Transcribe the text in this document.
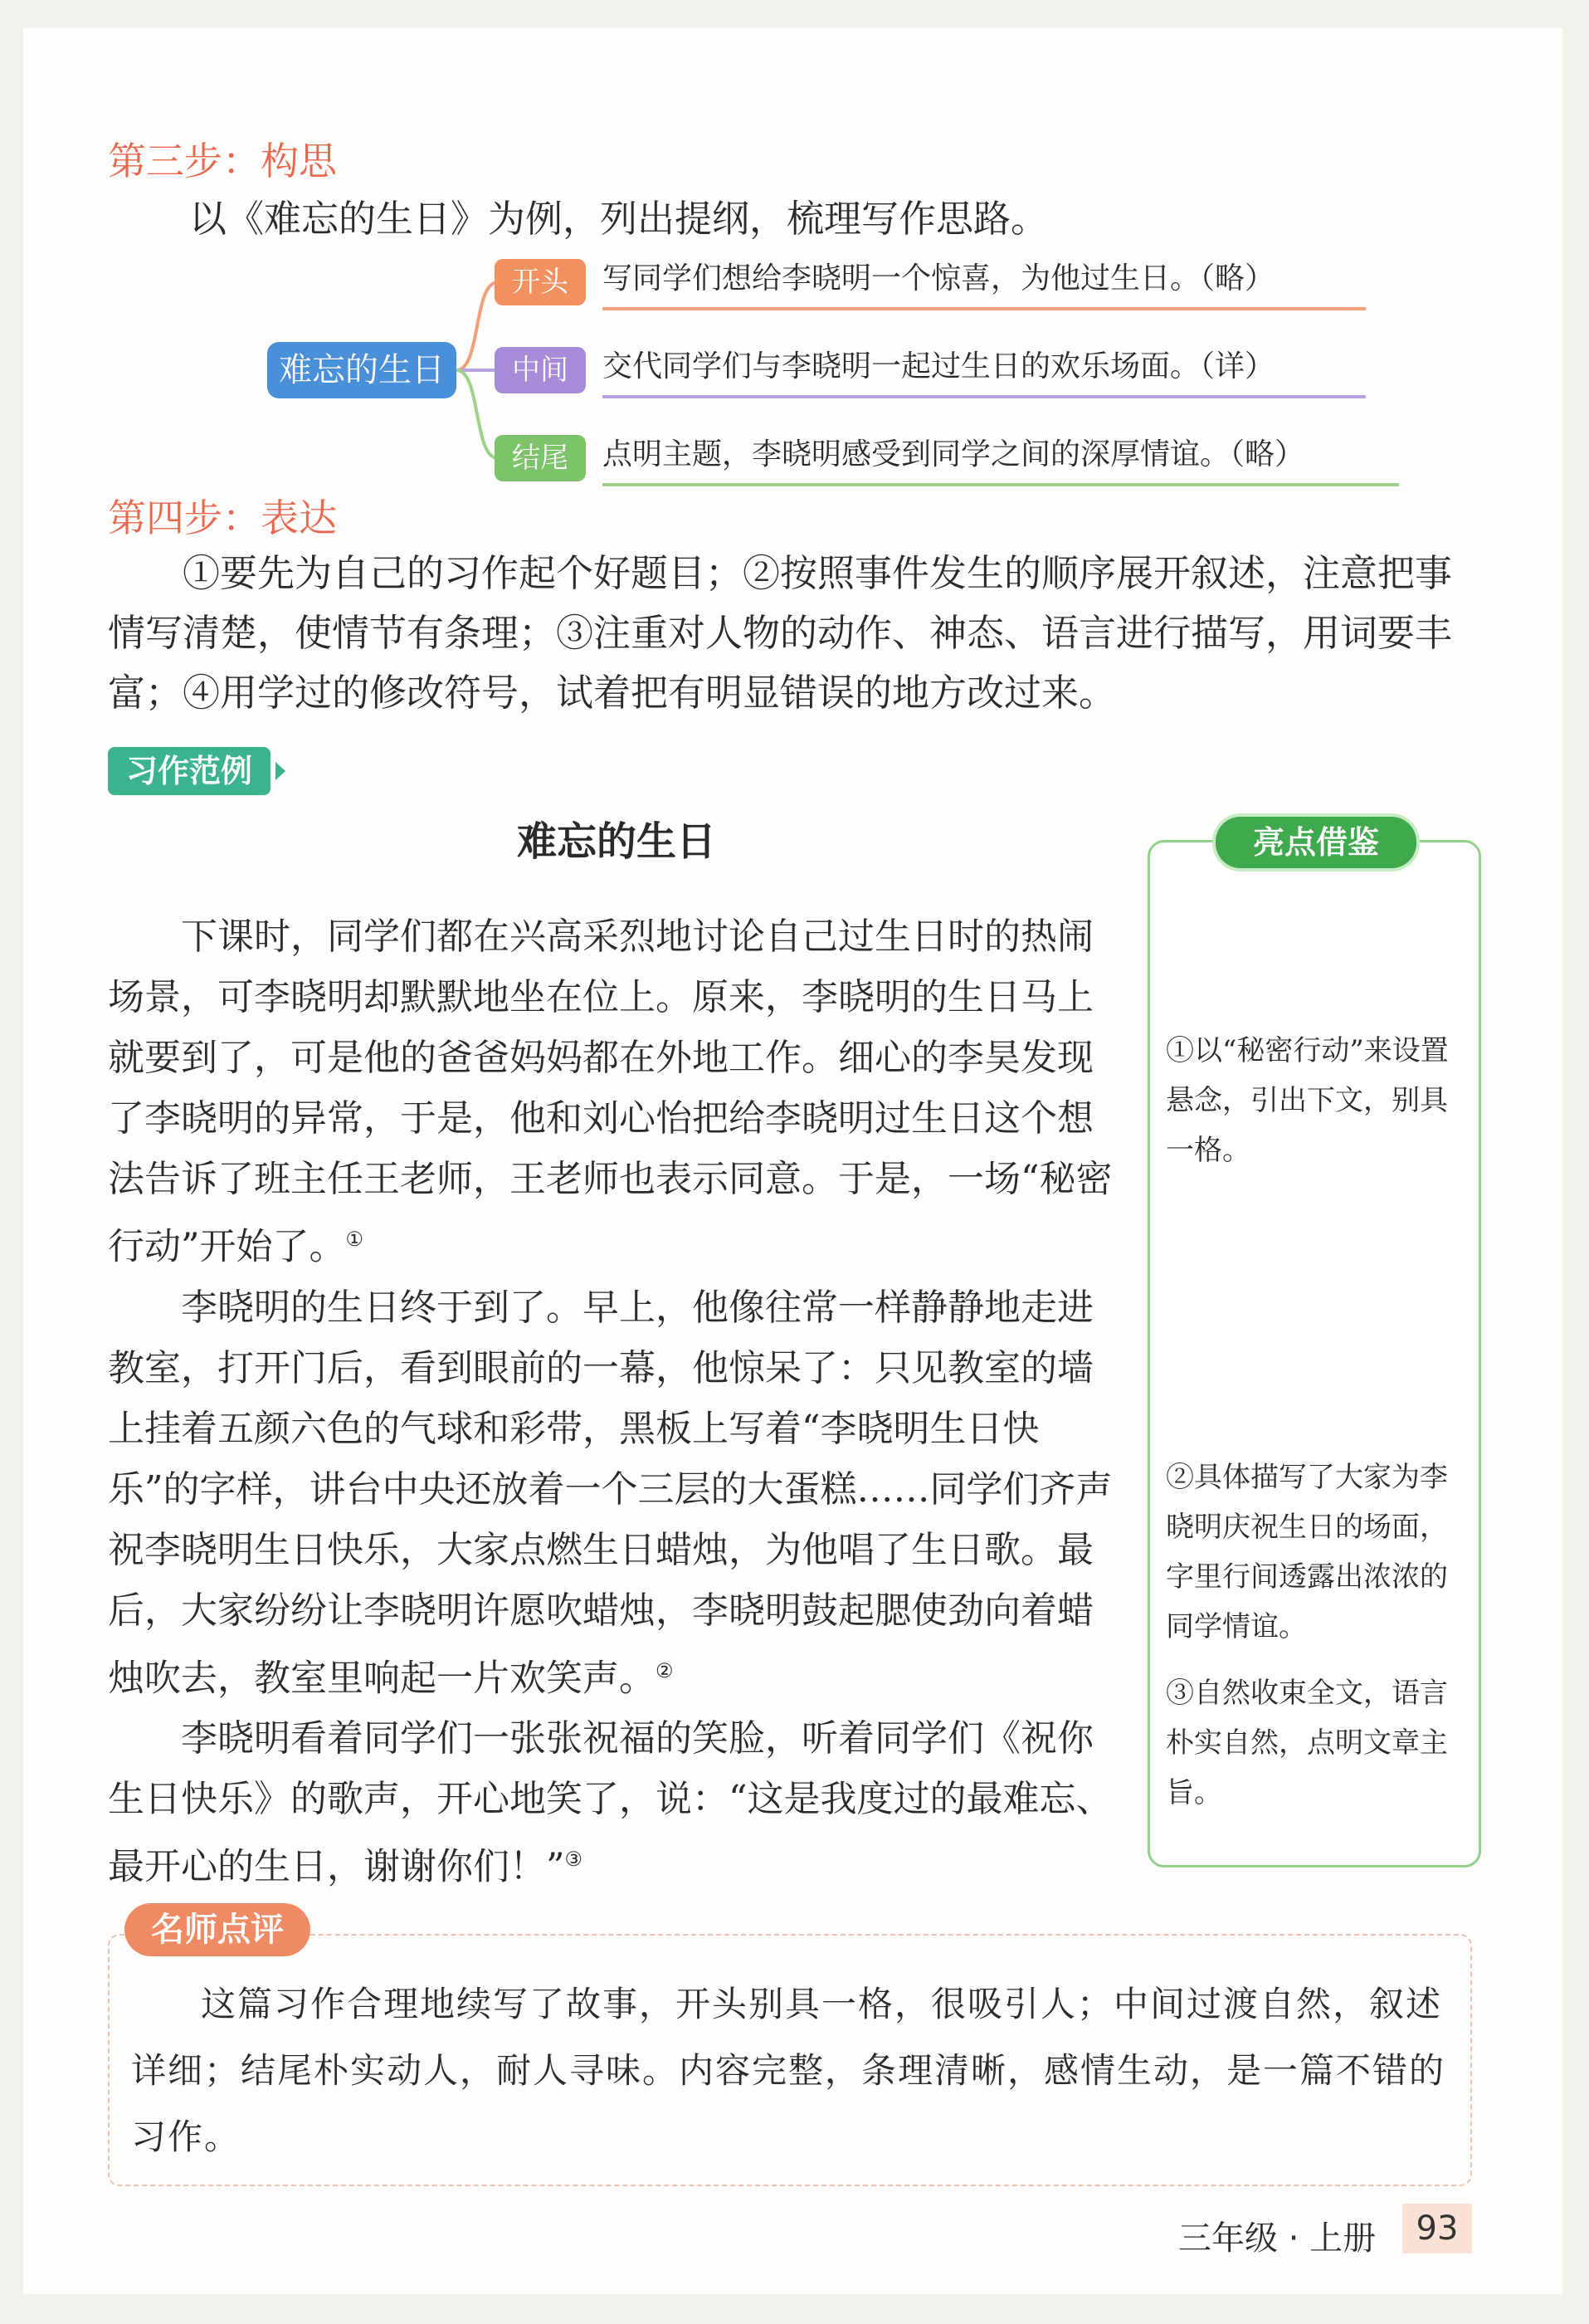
第三步：构思
以《难忘的生日》为例，列出提纲，梳理写作思路。
难忘的生日
开头	写同学们想给李晓明一个惊喜，为他过生日。（略）
中间	交代同学们与李晓明一起过生日的欢乐场面。（详）
结尾	点明主题，李晓明感受到同学之间的深厚情谊。（略）
第四步：表达
①要先为自己的习作起个好题目；②按照事件发生的顺序展开叙述，注意把事情写清楚，使情节有条理；③注重对人物的动作、神态、语言进行描写，用词要丰富；④用学过的修改符号，试着把有明显错误的地方改过来。
习作范例
难忘的生日

下课时，同学们都在兴高采烈地讨论自己过生日时的热闹场景，可李晓明却默默地坐在位上。原来，李晓明的生日马上就要到了，可是他的爸爸妈妈都在外地工作。细心的李昊发现了李晓明的异常，于是，他和刘心怡把给李晓明过生日这个想法告诉了班主任王老师，王老师也表示同意。于是，一场“秘密行动”开始了。①

李晓明的生日终于到了。早上，他像往常一样静静地走进教室，打开门后，看到眼前的一幕，他惊呆了：只见教室的墙上挂着五颜六色的气球和彩带，黑板上写着“李晓明生日快乐”的字样，讲台中央还放着一个三层的大蛋糕……同学们齐声祝李晓明生日快乐，大家点燃生日蜡烛，为他唱了生日歌。最后，大家纷纷让李晓明许愿吹蜡烛，李晓明鼓起腮使劲向着蜡烛吹去，教室里响起一片欢笑声。②

李晓明看着同学们一张张祝福的笑脸，听着同学们《祝你生日快乐》的歌声，开心地笑了，说：“这是我度过的最难忘、最开心的生日，谢谢你们！”③

亮点借鉴
①以“秘密行动”来设置悬念，引出下文，别具一格。
②具体描写了大家为李晓明庆祝生日的场面，字里行间透露出浓浓的同学情谊。
③自然收束全文，语言朴实自然，点明文章主旨。
名师点评
这篇习作合理地续写了故事，开头别具一格，很吸引人；中间过渡自然，叙述详细；结尾朴实动人，耐人寻味。内容完整，条理清晰，感情生动，是一篇不错的习作。
三年级 · 上册	93
